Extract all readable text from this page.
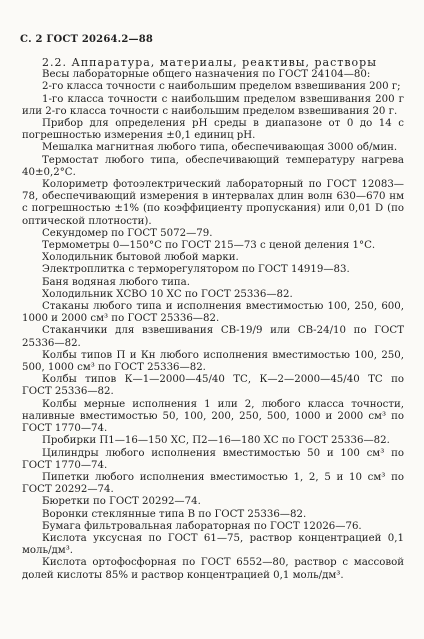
С. 2 ГОСТ 20264.2—88

2.2. Аппаратура, материалы, реактивы, растворы

Весы лабораторные общего назначения по ГОСТ 24104—80:

2-го класса точности с наибольшим пределом взвешивания 200 г;

1-го класса точности с наибольшим пределом взвешивания 200 г или 2-го класса точности с наибольшим пределом взвешивания 20 г.

Прибор для определения pH среды в диапазоне от 0 до 14 с погрешностью измерения ±0,1 единиц pH.

Мешалка магнитная любого типа, обеспечивающая 3000 об/мин.

Термостат любого типа, обеспечивающий температуру нагрева 40±0,2°С.

Колориметр фотоэлектрический лабораторный по ГОСТ 12083—78, обеспечивающий измерения в интервалах длин волн 630—670 нм с погрешностью ±1% (по коэффициенту пропускания) или 0,01 D (по оптической плотности).

Секундомер по ГОСТ 5072—79.

Термометры 0—150°С по ГОСТ 215—73 с ценой деления 1°С.

Холодильник бытовой любой марки.

Электроплитка с терморегулятором по ГОСТ 14919—83.

Баня водяная любого типа.

Холодильник ХСВО 10 ХС по ГОСТ 25336—82.

Стаканы любого типа и исполнения вместимостью 100, 250, 600, 1000 и 2000 см³ по ГОСТ 25336—82.

Стаканчики для взвешивания СВ-19/9 или СВ-24/10 по ГОСТ 25336—82.

Колбы типов П и Кн любого исполнения вместимостью 100, 250, 500, 1000 см³ по ГОСТ 25336—82.

Колбы типов К—1—2000—45/40 ТС, К—2—2000—45/40 ТС по ГОСТ 25336—82.

Колбы мерные исполнения 1 или 2, любого класса точности, наливные вместимостью 50, 100, 200, 250, 500, 1000 и 2000 см³ по ГОСТ 1770—74.

Пробирки П1—16—150 ХС, П2—16—180 ХС по ГОСТ 25336—82.

Цилиндры любого исполнения вместимостью 50 и 100 см³ по ГОСТ 1770—74.

Пипетки любого исполнения вместимостью 1, 2, 5 и 10 см³ по ГОСТ 20292—74.

Бюретки по ГОСТ 20292—74.

Воронки стеклянные типа В по ГОСТ 25336—82.

Бумага фильтровальная лабораторная по ГОСТ 12026—76.

Кислота уксусная по ГОСТ 61—75, раствор концентрацией 0,1 моль/дм³.

Кислота ортофосфорная по ГОСТ 6552—80, раствор с массовой долей кислоты 85% и раствор концентрацией 0,1 моль/дм³.
